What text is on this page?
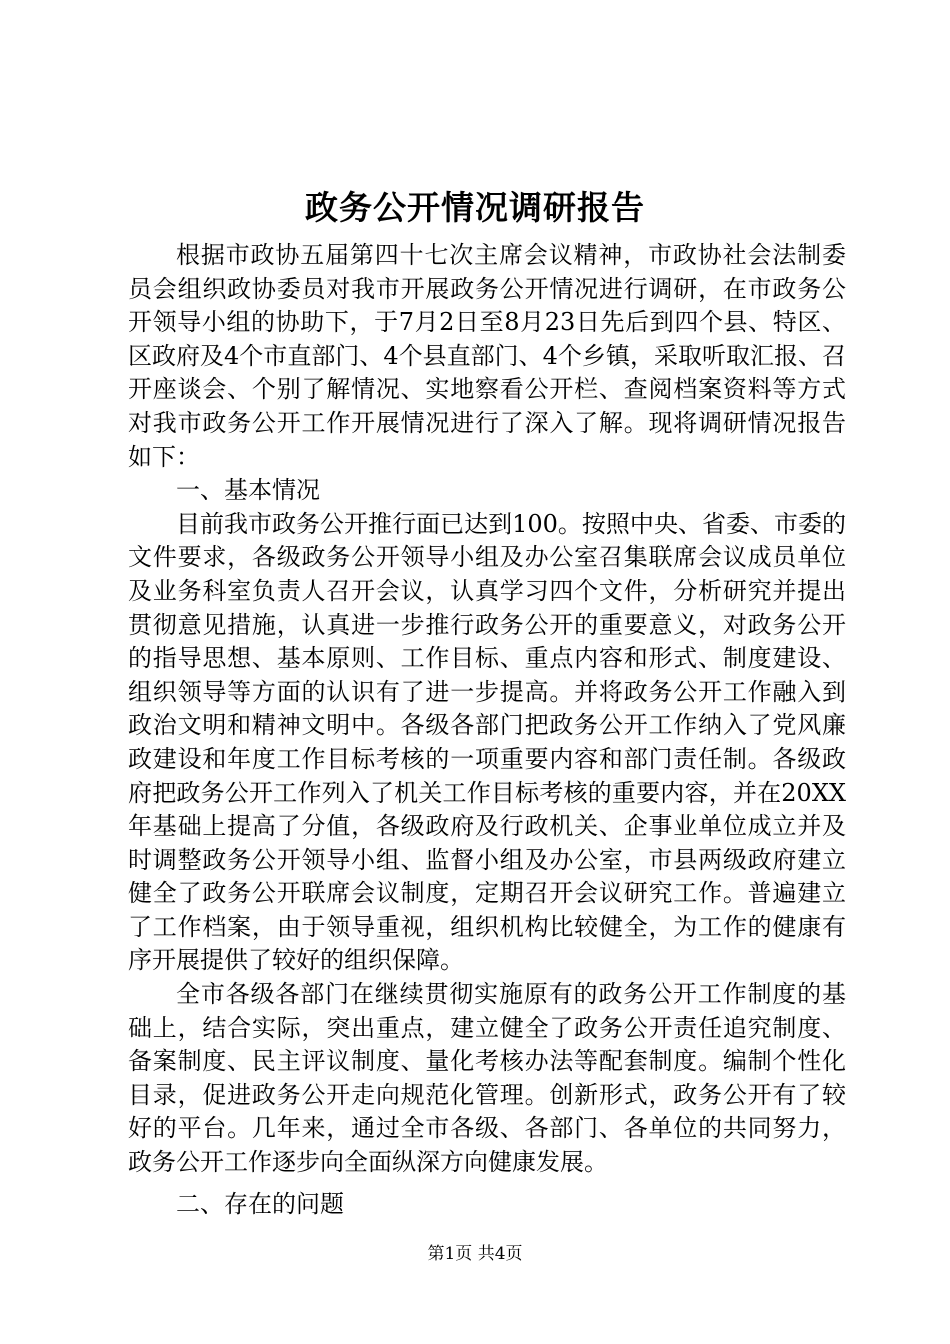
政务公开情况调研报告

根据市政协五届第四十七次主席会议精神，市政协社会法制委员会组织政协委员对我市开展政务公开情况进行调研，在市政务公开领导小组的协助下，于7月2日至8月23日先后到四个县、特区、区政府及4个市直部门、4个县直部门、4个乡镇，采取听取汇报、召开座谈会、个别了解情况、实地察看公开栏、查阅档案资料等方式对我市政务公开工作开展情况进行了深入了解。现将调研情况报告如下：

一、基本情况

目前我市政务公开推行面已达到100。按照中央、省委、市委的文件要求，各级政务公开领导小组及办公室召集联席会议成员单位及业务科室负责人召开会议，认真学习四个文件，分析研究并提出贯彻意见措施，认真进一步推行政务公开的重要意义，对政务公开的指导思想、基本原则、工作目标、重点内容和形式、制度建设、组织领导等方面的认识有了进一步提高。并将政务公开工作融入到政治文明和精神文明中。各级各部门把政务公开工作纳入了党风廉政建设和年度工作目标考核的一项重要内容和部门责任制。各级政府把政务公开工作列入了机关工作目标考核的重要内容，并在20XX年基础上提高了分值，各级政府及行政机关、企事业单位成立并及时调整政务公开领导小组、监督小组及办公室，市县两级政府建立健全了政务公开联席会议制度，定期召开会议研究工作。普遍建立了工作档案，由于领导重视，组织机构比较健全，为工作的健康有序开展提供了较好的组织保障。

全市各级各部门在继续贯彻实施原有的政务公开工作制度的基础上，结合实际，突出重点，建立健全了政务公开责任追究制度、备案制度、民主评议制度、量化考核办法等配套制度。编制个性化目录，促进政务公开走向规范化管理。创新形式，政务公开有了较好的平台。几年来，通过全市各级、各部门、各单位的共同努力，政务公开工作逐步向全面纵深方向健康发展。

二、存在的问题

第1页 共4页
